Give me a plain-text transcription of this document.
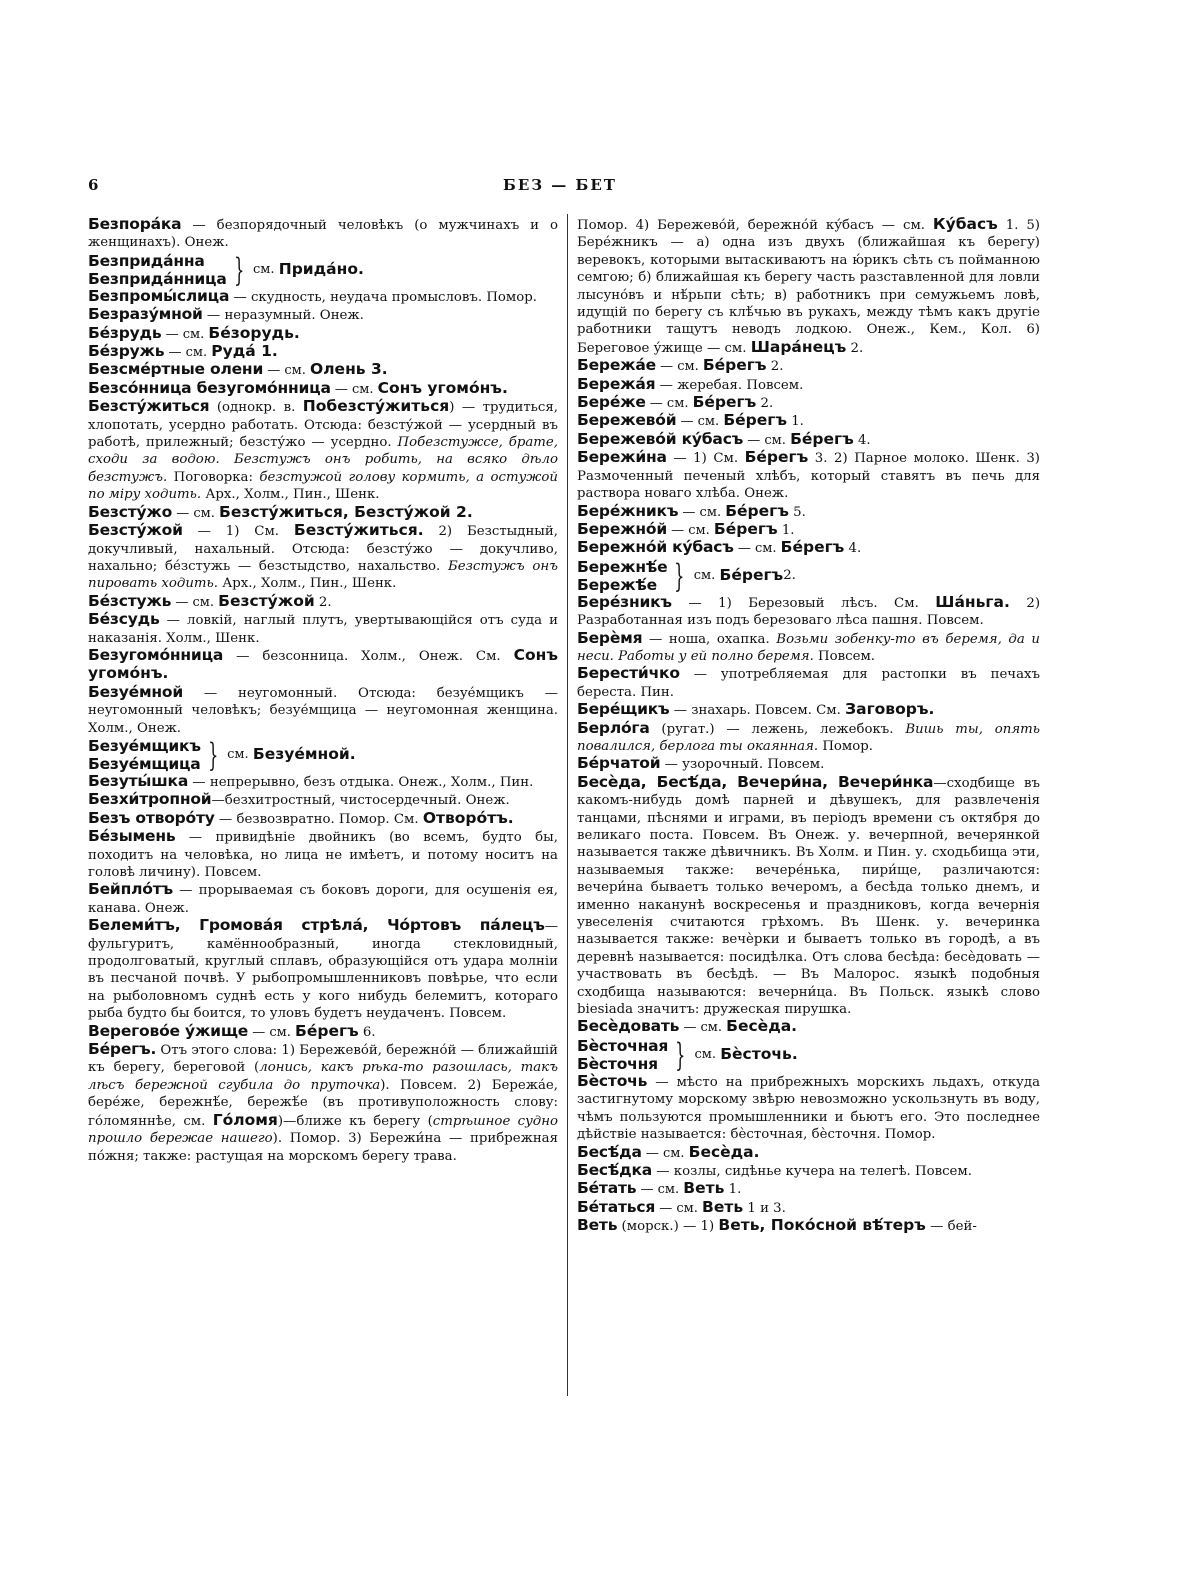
6	БЕЗ — БЕТ

Безпора́ка — безпорядочный человѣкъ (о мужчинахъ и о женщинахъ). Онеж.

Безприда́нна
Безприда́нница } см.
Прида́но.

Безпромы́слица — скудность, неудача промысловъ. Помор.

Безразу́мной — неразумный. Онеж.

Бе́зрудь — см. Бе́зорудь.

Бе́зружь — см. Руда́ 1.

Безсме́ртные олени — см. Олень 3.

Безсо́нница безугомо́нница — см. Сонъ угомо́нъ.

Безсту́житься (однокр. в. Побезсту́житься) — трудиться, хлопотать, усердно работать. Отсюда: безсту́жой — усердный въ работѣ, прилежный; безсту́жо — усердно. Побезстужсе, брате, сходи за водою. Безстужъ онъ робить, на всяко дѣло безстужъ. Поговорка: безстужой голову кормить, а остужой по міру ходить. Арх., Холм., Пин., Шенк.

Безсту́жо — см. Безсту́житься, Безсту́жой 2.

Безсту́жой — 1) См. Безсту́житься. 2) Безстыдный, докучливый, нахальный. Отсюда: безсту́жо — докучливо, нахально; бе́зстужь — безстыдство, нахальство. Безстужъ онъ пировать ходить. Арх., Холм., Пин., Шенк.

Бе́зстужь — см. Безсту́жой 2.

Бе́зсудь — ловкій, наглый плутъ, увертывающійся отъ суда и наказанія. Холм., Шенк.

Безугомо́нница — безсонница. Холм., Онеж. См. Сонъ угомо́нъ.

Безуе́мной — неугомонный. Отсюда: безуе́мщикъ — неугомонный человѣкъ; безуе́мщица — неугомонная женщина. Холм., Онеж.

Безуе́мщикъ
Безуе́мщица } см.
Безуе́мной.

Безуты́шка — непрерывно, безъ отдыка. Онеж., Холм., Пин.

Безхи́тропной—безхитростный, чистосердечный. Онеж.

Безъ отворо́ту — безвозвратно. Помор. См. Отворо́тъ.

Бе́зымень — привидѣніе двойникъ (во всемъ, будто бы, походитъ на человѣка, но лица не имѣетъ, и потому носитъ на головѣ личину). Повсем.

Бейпло́тъ — прорываемая съ боковъ дороги, для осушенія ея, канава. Онеж.

Белеми́тъ, Громова́я стрѣла́, Чо́ртовъ па́лецъ— фульгуритъ, камённообразный, иногда стекловидный, продолговатый, круглый сплавъ, образующійся отъ удара молніи въ песчаной почвѣ. У рыбопромышленниковъ повѣрье, что если на рыболовномъ суднѣ есть у кого нибудь белемитъ, котораго рыба будто бы боится, то уловъ будетъ неудаченъ. Повсем.

Вереговóе у́жище — см. Бе́регъ 6.

Бе́регъ. Отъ этого слова: 1) Бережево́й, бережно́й — ближайшій къ берегу, береговой (лонись, какъ рѣка-то разошлась, такъ лѣсъ бережной сгубила до пруточка). Повсем. 2) Бережа́е, бере́же, бережнѣ́е, бережѣ́е (въ противуположность слову: го́ломяннѣе, см. Го́ломя)—ближе къ берегу (стрѣшное судно прошло бережае нашего). Помор. 3) Бережи́на — прибрежная по́жня; также: растущая на морскомъ берегу трава.

Помор. 4) Бережево́й, бережно́й ку́басъ — см. Ку́басъ 1. 5) Бере́жникъ — а) одна изъ двухъ (ближайшая къ берегу) веревокъ, которыми вытаскиваютъ на ю́рикъ сѣть съ пойманною семгою; б) ближайшая къ берегу часть разставленной для ловли лысуно́въ и нѣ́рьпи сѣть; в) работникъ при семужьемъ ловѣ, идущій по берегу съ клѣ́чью въ рукахъ, между тѣмъ какъ другіе работники тащутъ неводъ лодкою. Онеж., Кем., Кол. 6) Береговое у́жище — см. Шара́нецъ 2.

Бережа́е — см. Бе́регъ 2.

Бережа́я — жеребая. Повсем.

Бере́же — см. Бе́регъ 2.

Бережево́й — см. Бе́регъ 1.

Бережево́й ку́басъ — см. Бе́регъ 4.

Бережи́на — 1) См. Бе́регъ 3. 2) Парное молоко. Шенк. 3) Размоченный печеный хлѣбъ, который ставятъ въ печь для раствора новаго хлѣба. Онеж.

Бере́жникъ — см. Бе́регъ 5.

Бережно́й — см. Бе́регъ 1.

Бережно́й ку́басъ — см. Бе́регъ 4.

Бережнѣ́е
Бережѣ́е } см.
Бе́регъ 2.

Бере́зникъ — 1) Березовый лѣсъ. См. Ша́ньга. 2) Разработанная изъ подъ березоваго лѣса пашня. Повсем.

Берѐмя — ноша, охапка. Возьми зобенку-то въ беремя, да и неси. Работы у ей полно беремя. Повсем.

Берести́чко — употребляемая для растопки въ печахъ береста. Пин.

Бере́щикъ — знахарь. Повсем. См. Заговоръ.

Берло́га (ругат.) — лежень, лежебокъ. Вишь ты, опять повалился, берлога ты окаянная. Помор.

Бе́рчатой — узорочный. Повсем.

Бесѐда, Бесѣ́да, Вечери́на, Вечери́нка—сходбище въ какомъ-нибудь домѣ парней и дѣвушекъ, для развлеченія танцами, пѣснями и играми, въ періодъ времени съ октября до великаго поста. Повсем. Въ Онеж. у. вечерпной, вечерянкой называется также дѣвичникъ. Въ Холм. и Пин. у. сходьбища эти, называемыя также: вечере́нька, пири́ще, различаются: вечери́на бываетъ только вечеромъ, а бесѣда только днемъ, и именно наканунѣ воскресенья и праздниковъ, когда вечернія увеселенія считаются грѣхомъ. Въ Шенк. у. вечеринка называется также: вечѐрки и бываетъ только въ городѣ, а въ деревнѣ называется: посидѣлка. Отъ слова бесѣда: бесѐдовать — участвовать въ бесѣдѣ. — Въ Малорос. языкѣ подобныя сходбища называются: вечерни́ца. Въ Польск. языкѣ слово biesiada значитъ: дружеская пирушка.

Бесѐдовать — см. Бесѐда.

Бѐсточная
Бѐсточня } см.
Бѐсточь.

Бѐсточь — мѣсто на прибрежныхъ морскихъ льдахъ, откуда застигнутому морскому звѣрю невозможно ускользнуть въ воду, чѣмъ пользуются промышленники и бьютъ его. Это последнее дѣйствіе называется: бѐсточная, бѐсточня. Помор.

Бесѣ́да — см. Бесѐда.

Бесѣ́дка — козлы, сидѣнье кучера на телегѣ. Повсем.

Бе́тать — см. Веть 1.

Бе́таться — см. Веть 1 и 3.

Веть (морск.) — 1) Веть, Поко́сной вѣ́теръ — бей-
